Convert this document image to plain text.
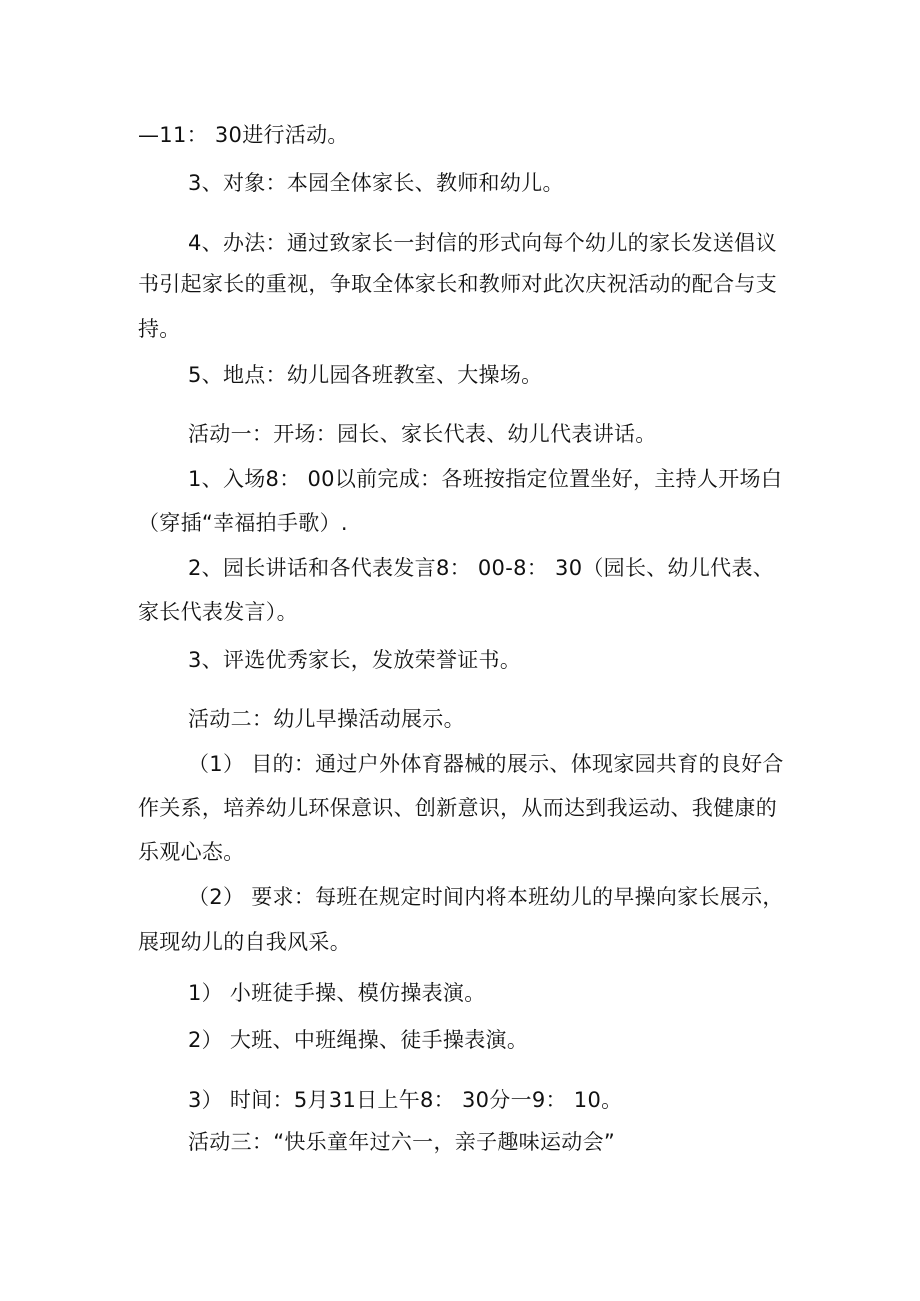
—11： 30进行活动。
3、对象：本园全体家长、教师和幼儿。
4、办法：通过致家长一封信的形式向每个幼儿的家长发送倡议
书引起家长的重视，争取全体家长和教师对此次庆祝活动的配合与支
持。
5、地点：幼儿园各班教室、大操场。
活动一：开场：园长、家长代表、幼儿代表讲话。
1、入场8： 00以前完成：各班按指定位置坐好，主持人开场白
（穿插“幸福拍手歌）.
2、园长讲话和各代表发言8： 00-8： 30（园长、幼儿代表、
家长代表发言）。
3、评选优秀家长，发放荣誉证书。
活动二：幼儿早操活动展示。
（1） 目的：通过户外体育器械的展示、体现家园共育的良好合
作关系，培养幼儿环保意识、创新意识，从而达到我运动、我健康的
乐观心态。
（2） 要求：每班在规定时间内将本班幼儿的早操向家长展示，
展现幼儿的自我风采。
1） 小班徒手操、模仿操表演。
2） 大班、中班绳操、徒手操表演。
3） 时间：5月31日上午8： 30分一9： 10。
活动三：“快乐童年过六一，亲子趣味运动会”
